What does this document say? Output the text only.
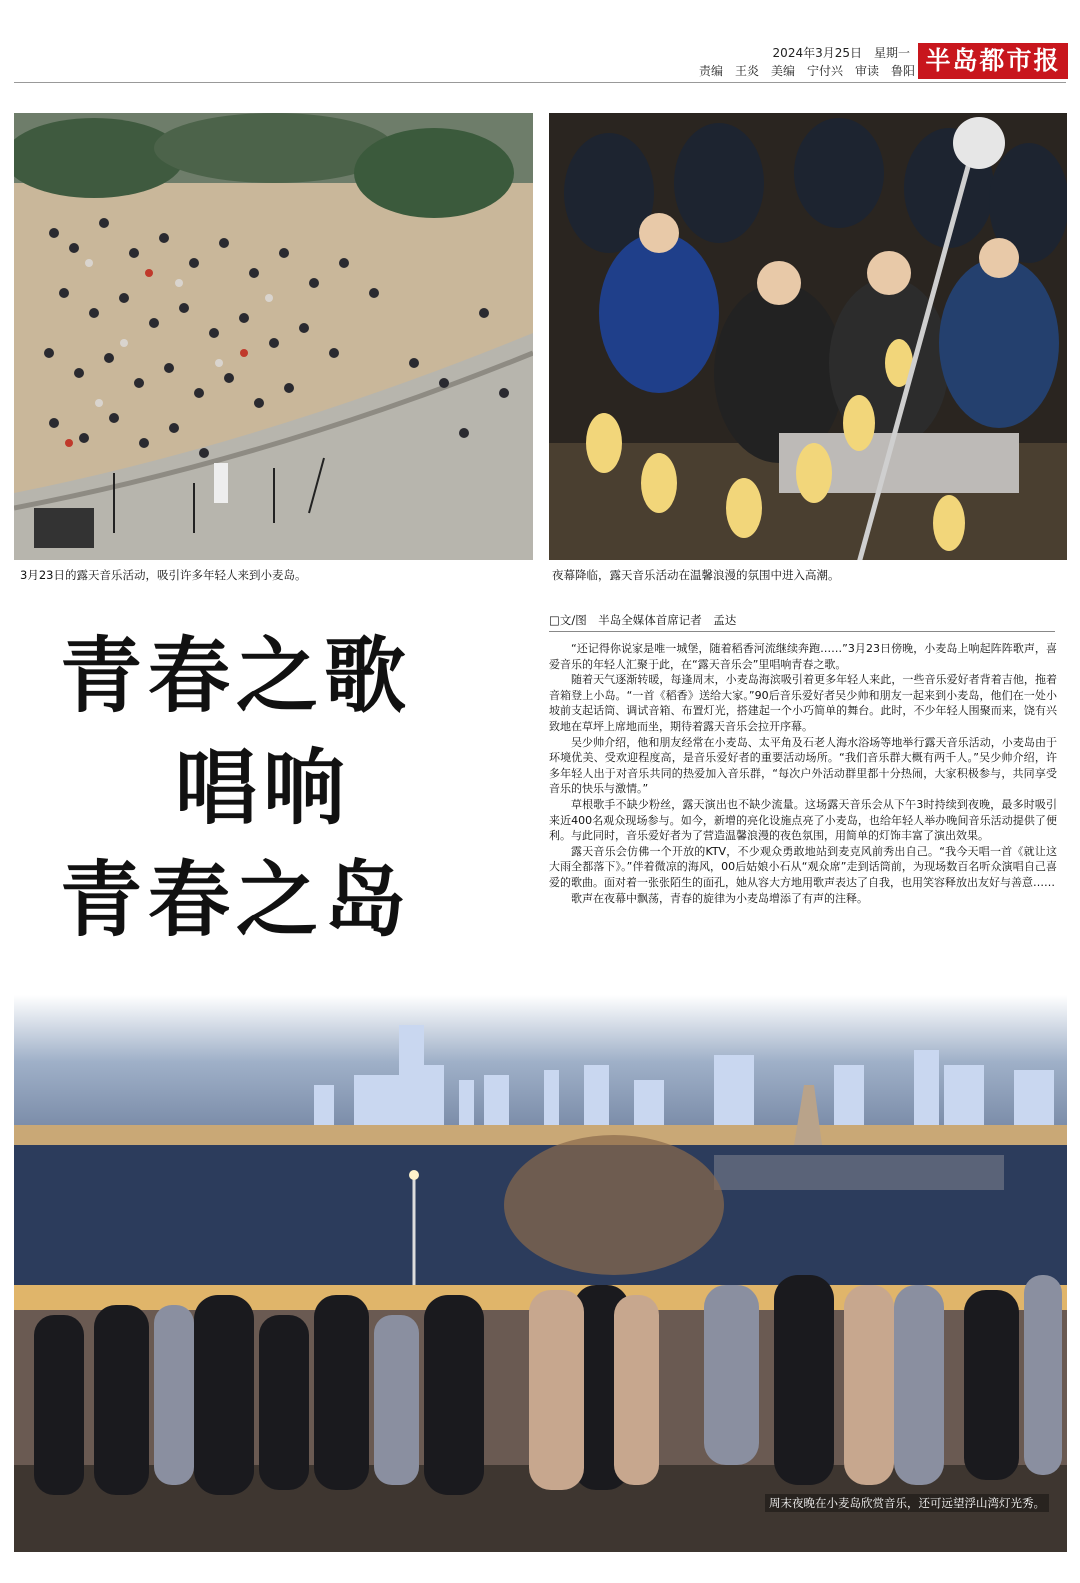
2024年3月25日　星期一
责编　王炎　美编　宁付兴　审读　鲁阳 半岛都市报
3月23日的露天音乐活动，吸引许多年轻人来到小麦岛。	夜幕降临，露天音乐活动在温馨浪漫的氛围中进入高潮。
青春之歌
唱响
青春之岛
□文/图　半岛全媒体首席记者　孟达

“还记得你说家是唯一城堡，随着稻香河流继续奔跑……”3月23日傍晚，小麦岛上响起阵阵歌声，喜爱音乐的年轻人汇聚于此，在“露天音乐会”里唱响青春之歌。

随着天气逐渐转暖，每逢周末，小麦岛海滨吸引着更多年轻人来此，一些音乐爱好者背着吉他，拖着音箱登上小岛。“一首《稻香》送给大家。”90后音乐爱好者吴少帅和朋友一起来到小麦岛，他们在一处小坡前支起话筒、调试音箱、布置灯光，搭建起一个小巧简单的舞台。此时，不少年轻人围聚而来，饶有兴致地在草坪上席地而坐，期待着露天音乐会拉开序幕。

吴少帅介绍，他和朋友经常在小麦岛、太平角及石老人海水浴场等地举行露天音乐活动，小麦岛由于环境优美、受欢迎程度高，是音乐爱好者的重要活动场所。“我们音乐群大概有两千人。”吴少帅介绍，许多年轻人出于对音乐共同的热爱加入音乐群，“每次户外活动群里都十分热闹，大家积极参与，共同享受音乐的快乐与激情。”

草根歌手不缺少粉丝，露天演出也不缺少流量。这场露天音乐会从下午3时持续到夜晚，最多时吸引来近400名观众现场参与。如今，新增的亮化设施点亮了小麦岛，也给年轻人举办晚间音乐活动提供了便利。与此同时，音乐爱好者为了营造温馨浪漫的夜色氛围，用简单的灯饰丰富了演出效果。

露天音乐会仿佛一个开放的KTV，不少观众勇敢地站到麦克风前秀出自己。“我今天唱一首《就让这大雨全都落下》。”伴着微凉的海风，00后姑娘小石从“观众席”走到话筒前，为现场数百名听众演唱自己喜爱的歌曲。面对着一张张陌生的面孔，她从容大方地用歌声表达了自我，也用笑容释放出友好与善意……

歌声在夜幕中飘荡，青春的旋律为小麦岛增添了有声的注释。

周末夜晚在小麦岛欣赏音乐，还可远望浮山湾灯光秀。
